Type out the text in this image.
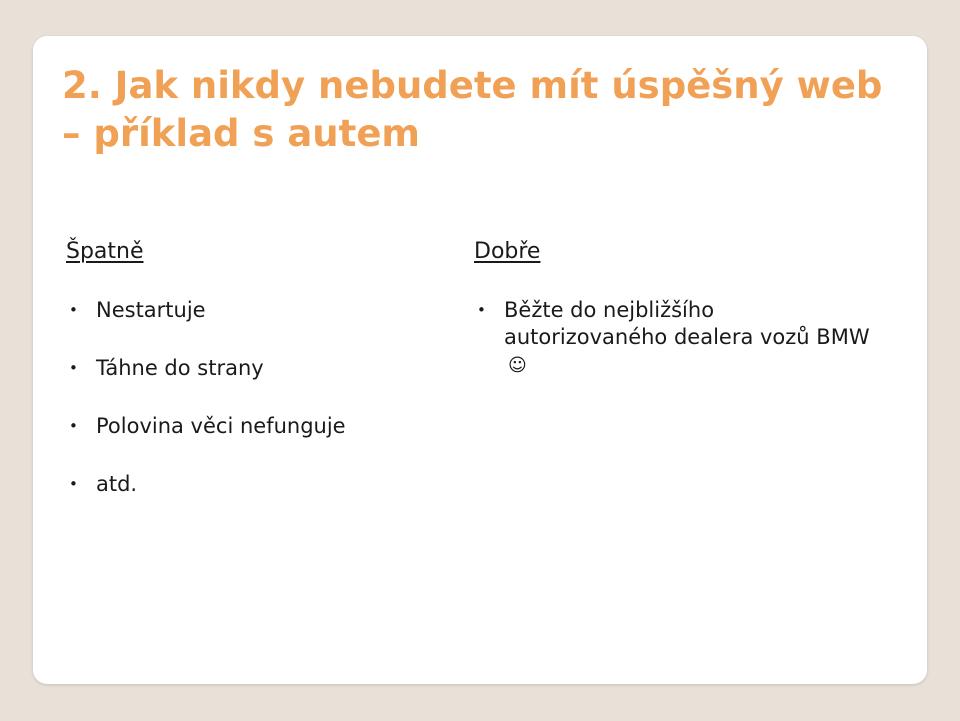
2. Jak nikdy nebudete mít úspěšný web – příklad s autem
Špatně
• Nestartuje
• Táhne do strany
• Polovina věci nefunguje
• atd.
Dobře
• Běžte do nejbližšího autorizovaného dealera vozů BMW☺
